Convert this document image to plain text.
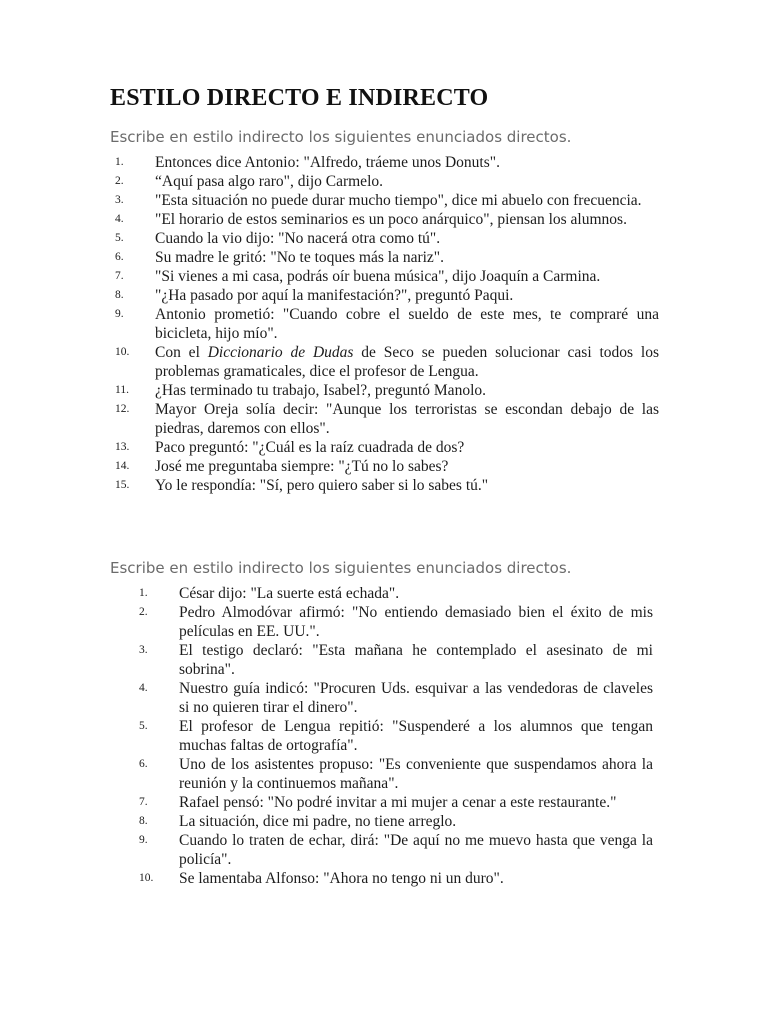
ESTILO DIRECTO E INDIRECTO

Escribe en estilo indirecto los siguientes enunciados directos.

1.	Entonces dice Antonio: "Alfredo, tráeme unos Donuts".
2.	“Aquí pasa algo raro", dijo Carmelo.
3.	"Esta situación no puede durar mucho tiempo", dice mi abuelo con frecuencia.
4.	"El horario de estos seminarios es un poco anárquico", piensan los alumnos.
5.	Cuando la vio dijo: "No nacerá otra como tú".
6.	Su madre le gritó: "No te toques más la nariz".
7.	"Si vienes a mi casa, podrás oír buena música", dijo Joaquín a Carmina.
8.	"¿Ha pasado por aquí la manifestación?", preguntó Paqui.
9.	Antonio prometió: "Cuando cobre el sueldo de este mes, te compraré una bicicleta, hijo mío".
10.	Con el Diccionario de Dudas de Seco se pueden solucionar casi todos los problemas gramaticales, dice el profesor de Lengua.
11.	¿Has terminado tu trabajo, Isabel?, preguntó Manolo.
12.	Mayor Oreja solía decir: "Aunque los terroristas se escondan debajo de las piedras, daremos con ellos".
13.	Paco preguntó: "¿Cuál es la raíz cuadrada de dos?
14.	José me preguntaba siempre: "¿Tú no lo sabes?
15.	Yo le respondía: "Sí, pero quiero saber si lo sabes tú."

Escribe en estilo indirecto los siguientes enunciados directos.

1.	César dijo: "La suerte está echada".
2.	Pedro Almodóvar afirmó: "No entiendo demasiado bien el éxito de mis películas en EE. UU.".
3.	El testigo declaró: "Esta mañana he contemplado el asesinato de mi sobrina".
4.	Nuestro guía indicó: "Procuren Uds. esquivar a las vendedoras de claveles si no quieren tirar el dinero".
5.	El profesor de Lengua repitió: "Suspenderé a los alumnos que tengan muchas faltas de ortografía".
6.	Uno de los asistentes propuso: "Es conveniente que suspendamos ahora la reunión y la continuemos mañana".
7.	Rafael pensó: "No podré invitar a mi mujer a cenar a este restaurante."
8.	La situación, dice mi padre, no tiene arreglo.
9.	Cuando lo traten de echar, dirá: "De aquí no me muevo hasta que venga la policía".
10.	Se lamentaba Alfonso: "Ahora no tengo ni un duro".
